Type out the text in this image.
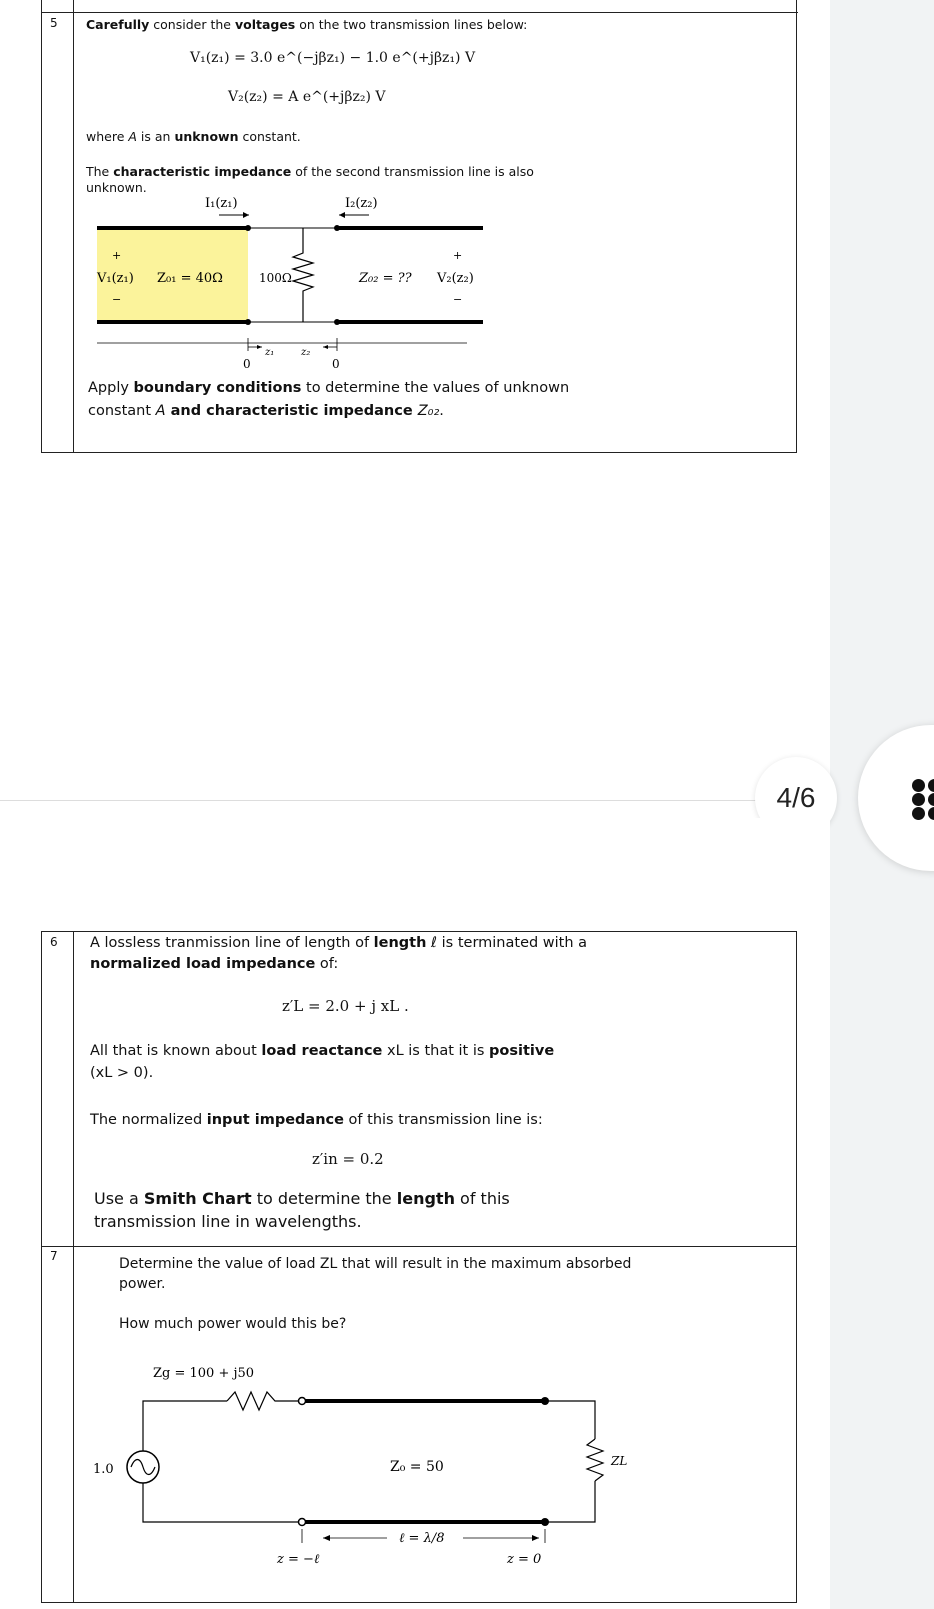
5 Carefully consider the voltages on the two transmission lines below:
V₁(z₁) = 3.0 e^(−jβz₁) − 1.0 e^(+jβz₁) V
V₂(z₂) = A e^(+jβz₂) V
where A is an unknown constant.
The characteristic impedance of the second transmission line is also
unknown.
I₁(z₁)	I₂(z₂)
+
V₁(z₁)
−
Z₀₁ = 40Ω	100Ω	Z₀₂ = ??
+
V₂(z₂)
−
z₁	z₂
0	0
Apply boundary conditions to determine the values of unknown
constant A and characteristic impedance Z₀₂.
4/6
6 A lossless tranmission line of length of length ℓ is terminated with a
normalized load impedance of:
z′L = 2.0 + j xL .
All that is known about load reactance xL is that it is positive
(xL > 0).
The normalized input impedance of this transmission line is:
z′in = 0.2
Use a Smith Chart to determine the length of this
transmission line in wavelengths.
7	Determine the value of load ZL that will result in the maximum absorbed
power.
How much power would this be?
Zg = 100 + j50
1.0	Z₀ = 50	ZL
ℓ = λ/8
z = −ℓ	z = 0
